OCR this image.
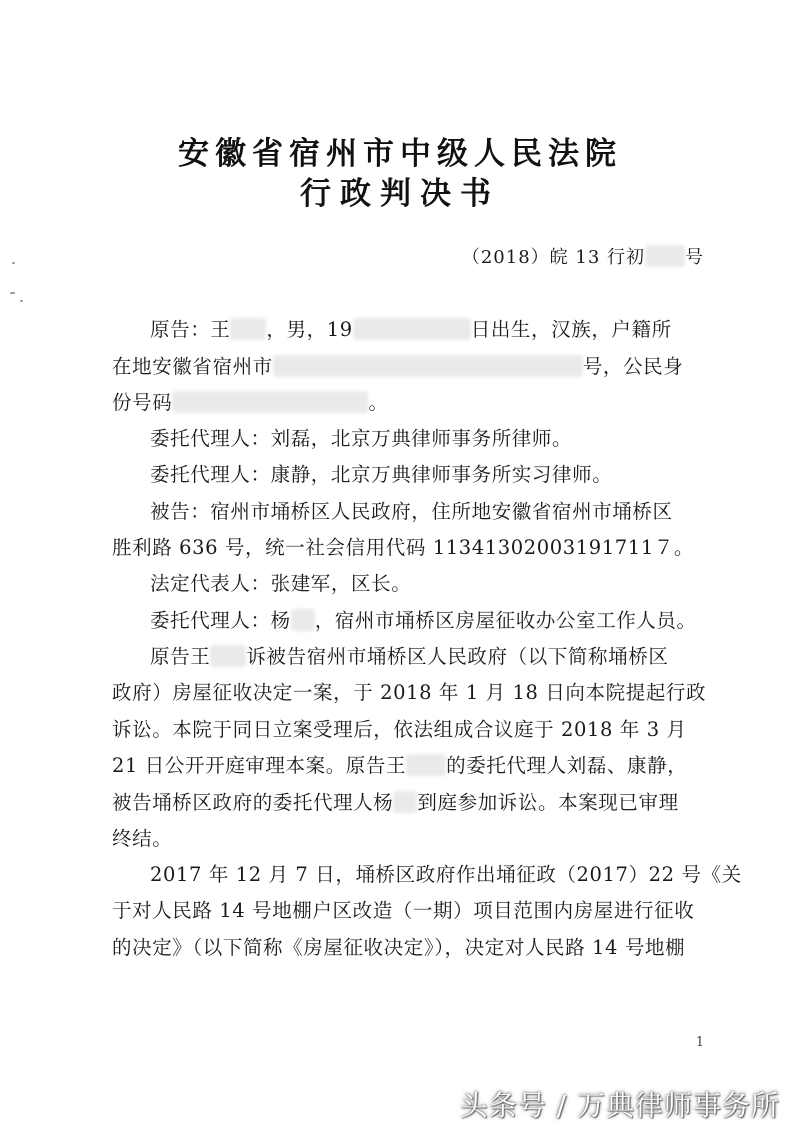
安徽省宿州市中级人民法院
行政判决书
（2018）皖 13 行初 号
原告：王 ，男，19	日出生，汉族，户籍所
在地安徽省宿州市	号，公民身
份号码	。
委托代理人：刘磊，北京万典律师事务所律师。
委托代理人：康静，北京万典律师事务所实习律师。
被告：宿州市埇桥区人民政府，住所地安徽省宿州市埇桥区
胜利路 636 号，统一社会信用代码 11341302003191711７。
法定代表人：张建军，区长。
委托代理人：杨 ，宿州市埇桥区房屋征收办公室工作人员。
原告王 诉被告宿州市埇桥区人民政府（以下简称埇桥区
政府）房屋征收决定一案，于 2018 年 1 月 18 日向本院提起行政
诉讼。本院于同日立案受理后，依法组成合议庭于 2018 年 3 月
21 日公开开庭审理本案。原告王 的委托代理人刘磊、康静，
被告埇桥区政府的委托代理人杨 到庭参加诉讼。本案现已审理
终结。
2017 年 12 月 7 日，埇桥区政府作出埇征政（2017）22 号《关
于对人民路 14 号地棚户区改造（一期）项目范围内房屋进行征收
的决定》（以下简称《房屋征收决定》），决定对人民路 14 号地棚
1
头条号 / 万典律师事务所
